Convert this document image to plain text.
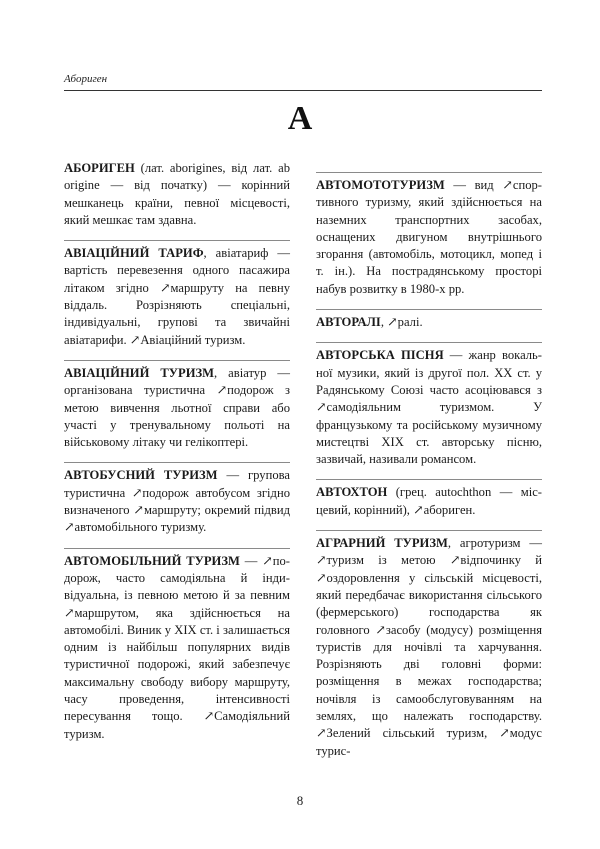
Абориген
А

АБОРИГЕН (лат. aborigines, від лат. ab origine — від початку) — корінний мешканець країни, певної місцевості, який мешкає там здавна.

АВІАЦІЙНИЙ ТАРИФ, авіатариф — вартість перевезення одного пасажира літаком згідно ↗маршруту на певну віддаль. Розрізняють спеціальні, індивідуальні, групові та звичайні авіатарифи. ↗Авіаційний туризм.

АВІАЦІЙНИЙ ТУРИЗМ, авіатур — організована туристична ↗подорож з метою вивчення льотної справи або участі у тренувальному польоті на військовому літаку чи гелікоптері.

АВТОБУСНИЙ ТУРИЗМ — групова туристична ↗подорож автобусом згідно визначеного ↗маршруту; окремий підвид ↗автомобільного туризму.

АВТОМОБІЛЬНИЙ ТУРИЗМ — ↗подорож, часто самодіяльна й індивідуальна, із певною метою й за певним ↗маршрутом, яка здійснюється на автомобілі. Виник у XIX ст. і залишається одним із найбільш популярних видів туристичної подорожі, який забезпечує максимальну свободу вибору маршруту, часу проведення, інтенсивності пересування тощо. ↗Самодіяльний туризм.

АВТОМОТОТУРИЗМ — вид ↗спортивного туризму, який здійснюється на наземних транспортних засобах, оснащених двигуном внутрішнього згорання (автомобіль, мотоцикл, мопед і т. ін.). На пострадянському просторі набув розвитку в 1980-х рр.

АВТОРАЛІ, ↗ралі.

АВТОРСЬКА ПІСНЯ — жанр вокальної музики, який із другої пол. XX ст. у Радянському Союзі часто асоціювався з ↗самодіяльним туризмом. У французькому та російському музичному мистецтві XIX ст. авторську пісню, зазвичай, називали романсом.

АВТОХТОН (грец. autochthon — місцевий, корінний), ↗абориген.

АГРАРНИЙ ТУРИЗМ, агротуризм — ↗туризм із метою ↗відпочинку й ↗оздоровлення у сільській місцевості, який передбачає використання сільського (фермерського) господарства як головного ↗засобу (модусу) розміщення туристів для ночівлі та харчування. Розрізняють дві головні форми: розміщення в межах господарства; ночівля із самообслуговуванням на землях, що належать господарству. ↗Зелений сільський туризм, ↗модус турис-

8
